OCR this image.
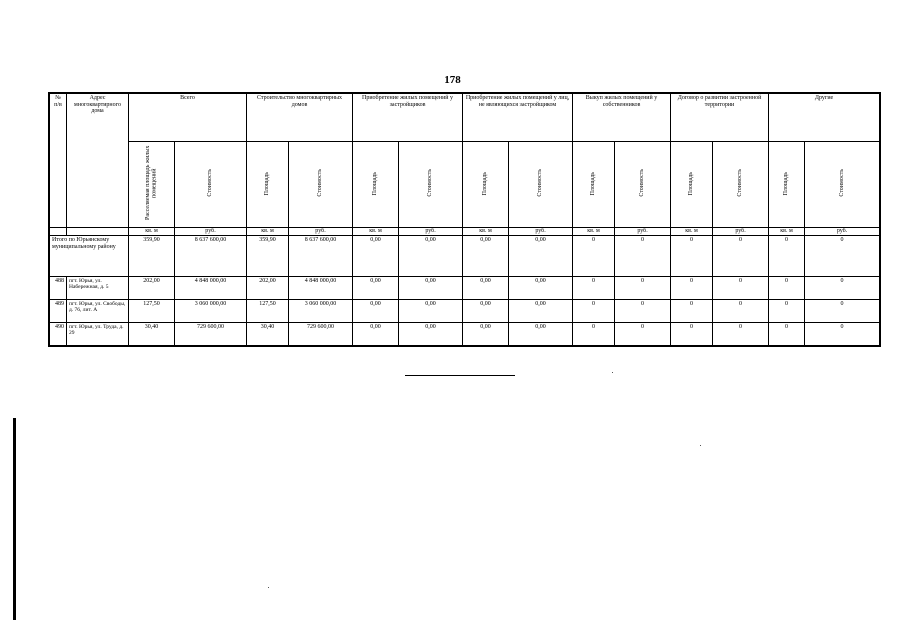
178
№ п/в	Адрес многоквартирного дома	Всего		Строительство многоквартирных домов		Приобретение жилых помещений у застройщиков		Приобретение жилых помещений у лиц, не являющихся застройщиком		Выкуп жилых помещений у собственников		Договор о развитии застроенной территории		Другие	
		Расселяемая площадь жилых помещений	Стоимость	Площадь	Стоимость	Площадь	Стоимость	Площадь	Стоимость	Площадь	Стоимость	Площадь	Стоимость	Площадь	Стоимость
		кв. м	руб.	кв. м	руб.	кв. м	руб.	кв. м	руб.	кв. м	руб.	кв. м	руб.	кв. м	руб.
Итого по Юрьянскому муниципальному району		359,90	8 637 600,00	359,90	8 637 600,00	0,00	0,00	0,00	0,00	0	0	0	0	0	0
488	пгт. Юрья, ул. Набережная, д. 5	202,00	4 848 000,00	202,00	4 848 000,00	0,00	0,00	0,00	0,00	0	0	0	0	0	0
489	пгт. Юрья, ул. Свободы, д. 76, лит. А	127,50	3 060 000,00	127,50	3 060 000,00	0,00	0,00	0,00	0,00	0	0	0	0	0	0
490	пгт. Юрья, ул. Труда, д. 29	30,40	729 600,00	30,40	729 600,00	0,00	0,00	0,00	0,00	0	0	0	0	0	0
